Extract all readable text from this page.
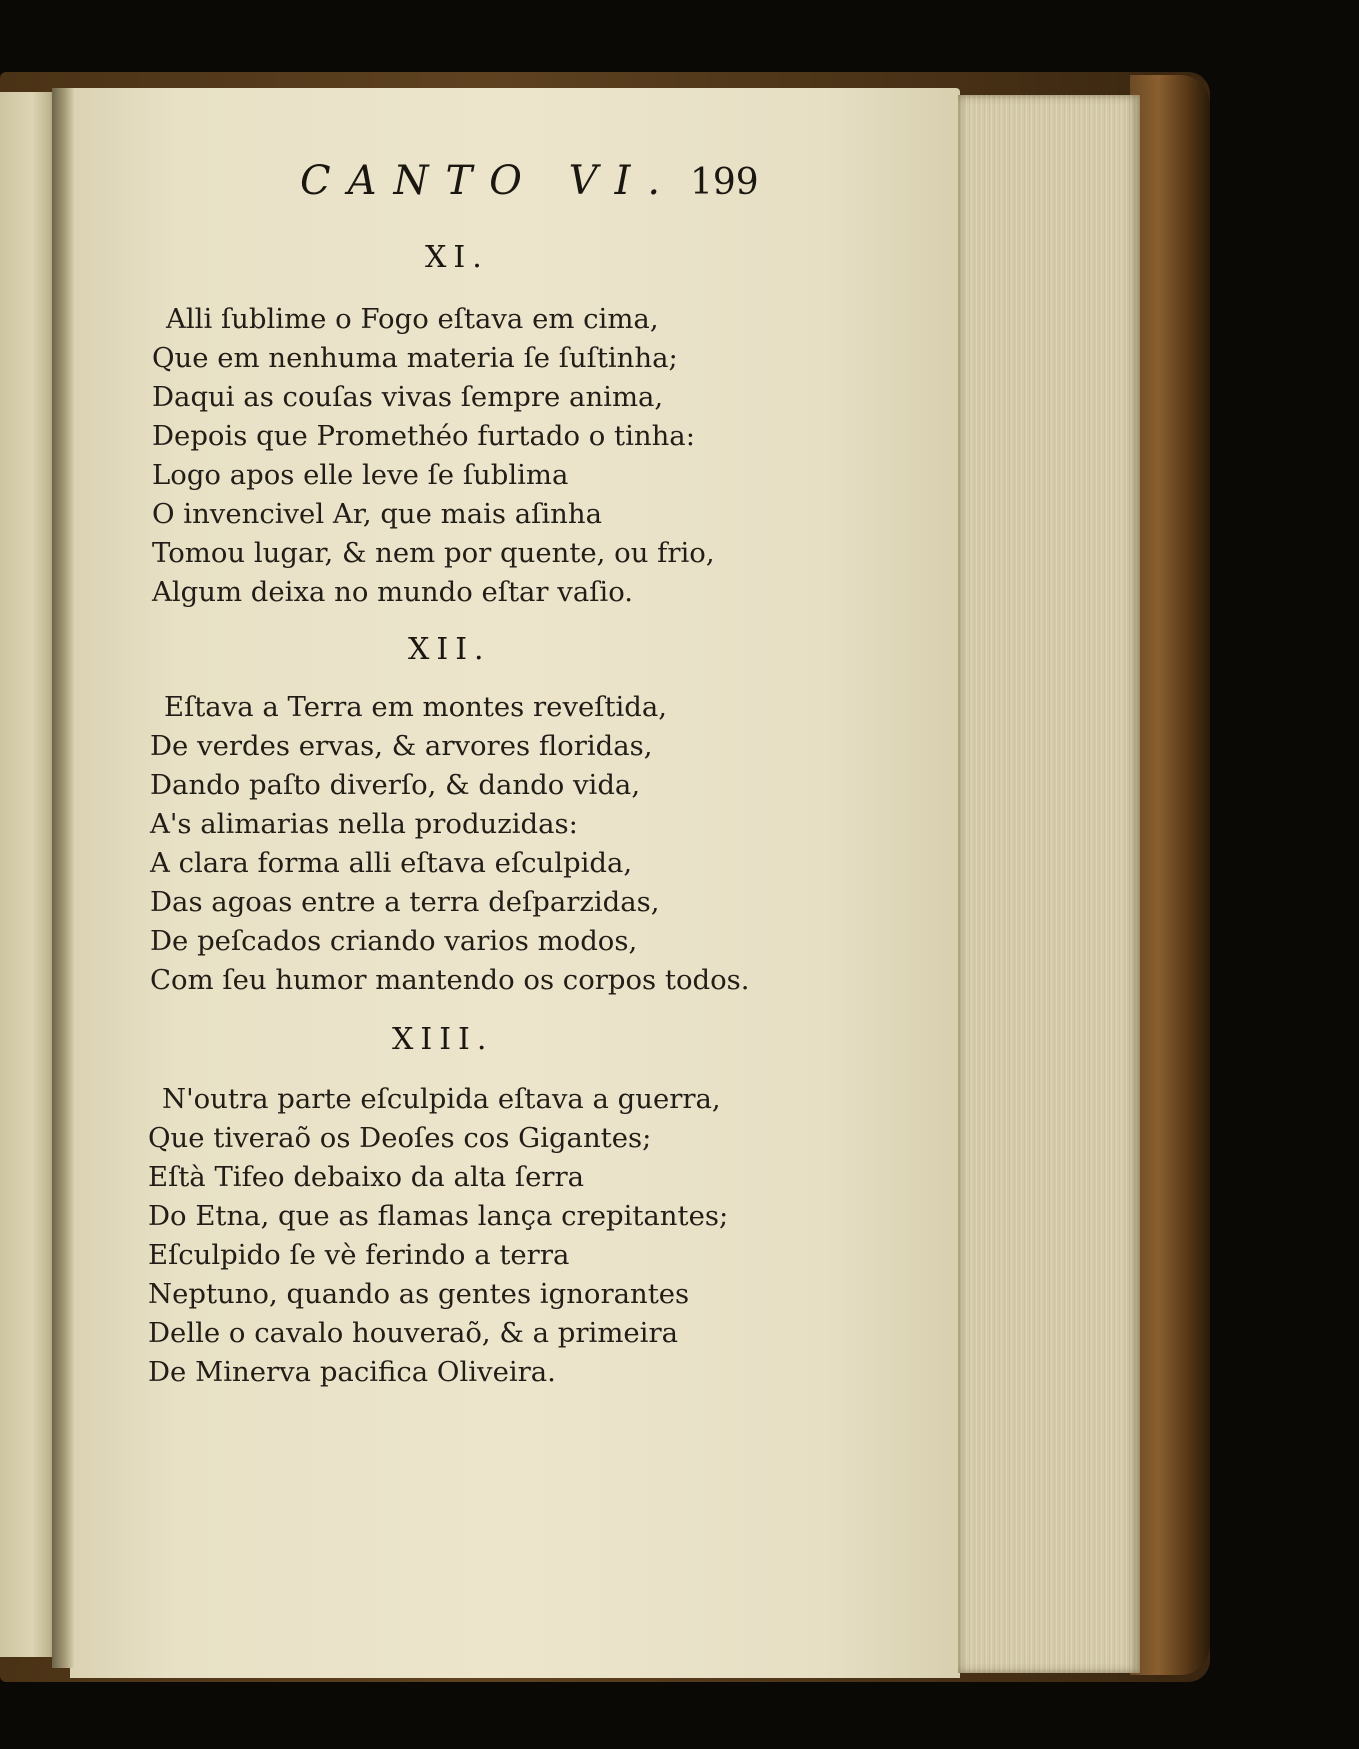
CANTO VI. 199
XI.
Alli ſublime o Fogo eſtava em cima,
Que em nenhuma materia ſe ſuſtinha;
Daqui as couſas vivas ſempre anima,
Depois que Promethéo furtado o tinha:
Logo apos elle leve ſe ſublima
O invencivel Ar, que mais aſinha
Tomou lugar, & nem por quente, ou frio,
Algum deixa no mundo eſtar vaſio.
XII.
Eſtava a Terra em montes reveſtida,
De verdes ervas, & arvores floridas,
Dando paſto diverſo, & dando vida,
A's alimarias nella produzidas:
A clara forma alli eſtava eſculpida,
Das agoas entre a terra deſparzidas,
De peſcados criando varios modos,
Com ſeu humor mantendo os corpos todos.
XIII.
N'outra parte eſculpida eſtava a guerra,
Que tiveraõ os Deoſes cos Gigantes;
Eſtà Tifeo debaixo da alta ſerra
Do Etna, que as flamas lança crepitantes;
Eſculpido ſe vè ferindo a terra
Neptuno, quando as gentes ignorantes
Delle o cavalo houveraõ, & a primeira
De Minerva pacifica Oliveira.
